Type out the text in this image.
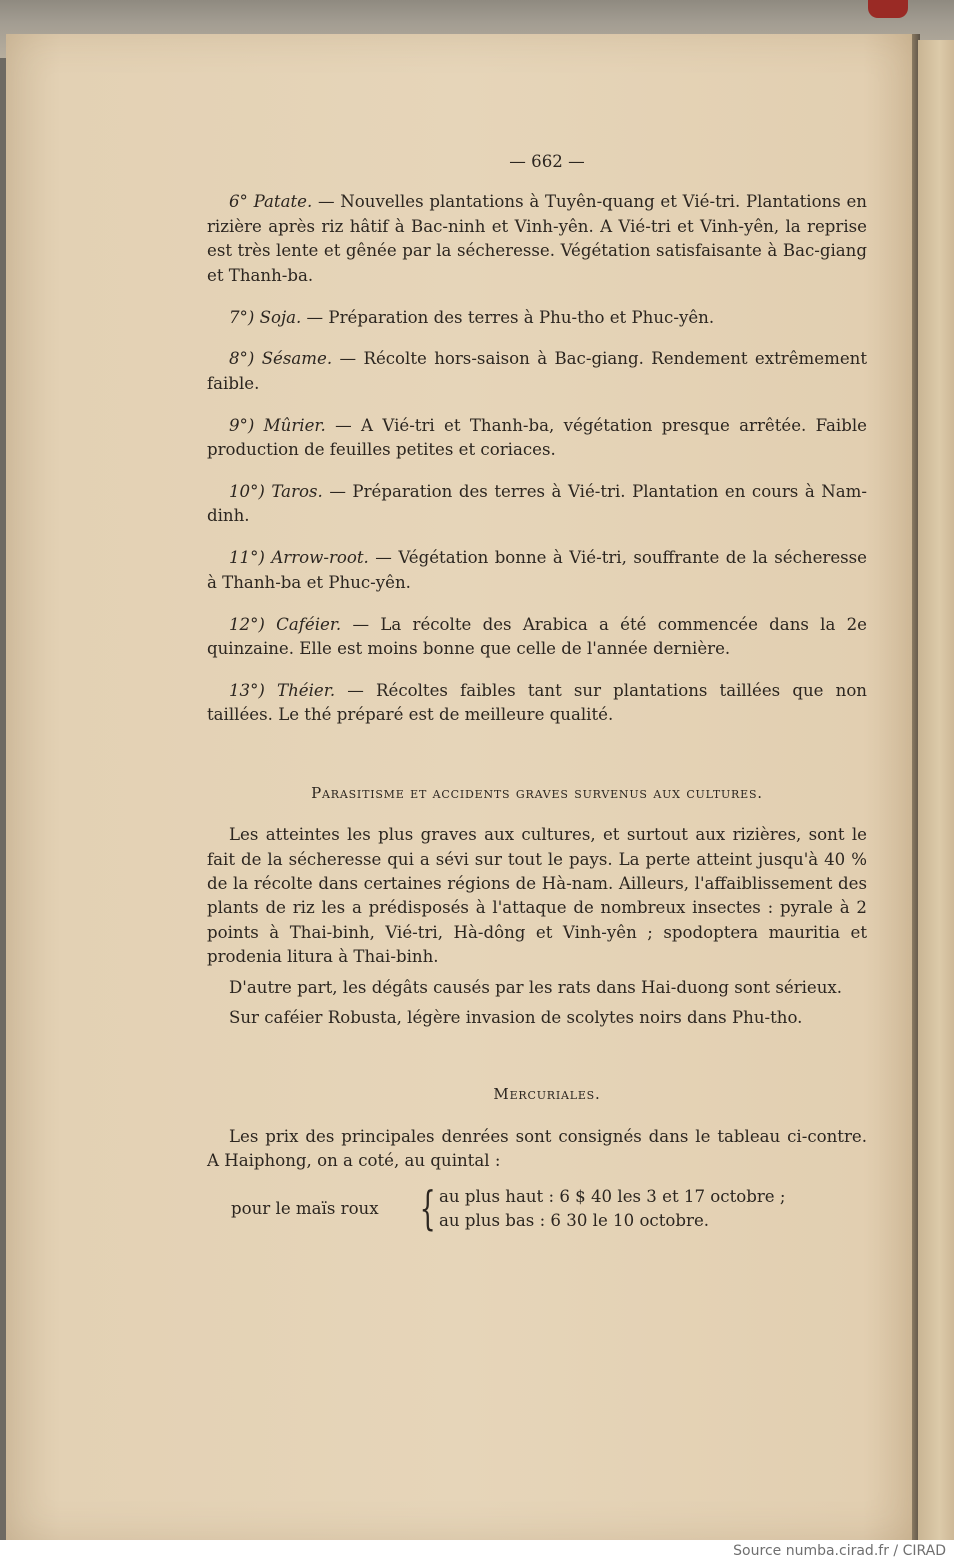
— 662 —

6° Patate. — Nouvelles plantations à Tuyên-quang et Vié-tri. Plantations en rizière après riz hâtif à Bac-ninh et Vinh-yên. A Vié-tri et Vinh-yên, la reprise est très lente et gênée par la sécheresse. Végétation satisfaisante à Bac-giang et Thanh-ba.

7°) Soja. — Préparation des terres à Phu-tho et Phuc-yên.

8°) Sésame. — Récolte hors-saison à Bac-giang. Rendement extrêmement faible.

9°) Mûrier. — A Vié-tri et Thanh-ba, végétation presque arrêtée. Faible production de feuilles petites et coriaces.

10°) Taros. — Préparation des terres à Vié-tri. Plantation en cours à Nam-dinh.

11°) Arrow-root. — Végétation bonne à Vié-tri, souffrante de la sécheresse à Thanh-ba et Phuc-yên.

12°) Caféier. — La récolte des Arabica a été commencée dans la 2e quinzaine. Elle est moins bonne que celle de l'année dernière.

13°) Théier. — Récoltes faibles tant sur plantations taillées que non taillées. Le thé préparé est de meilleure qualité.

Parasitisme et accidents graves survenus aux cultures.

Les atteintes les plus graves aux cultures, et surtout aux rizières, sont le fait de la sécheresse qui a sévi sur tout le pays. La perte atteint jusqu'à 40 % de la récolte dans certaines régions de Hà-nam. Ailleurs, l'affaiblissement des plants de riz les a prédisposés à l'attaque de nombreux insectes : pyrale à 2 points à Thai-binh, Vié-tri, Hà-dông et Vinh-yên ; spodoptera mauritia et prodenia litura à Thai-binh.

D'autre part, les dégâts causés par les rats dans Hai-duong sont sérieux.

Sur caféier Robusta, légère invasion de scolytes noirs dans Phu-tho.

Mercuriales.

Les prix des principales denrées sont consignés dans le tableau ci-contre. A Haiphong, on a coté, au quintal :

pour le maïs roux { au plus haut : 6 $ 40 les 3 et 17 octobre ;
au plus bas : 6 30 le 10 octobre.
Source numba.cirad.fr / CIRAD
